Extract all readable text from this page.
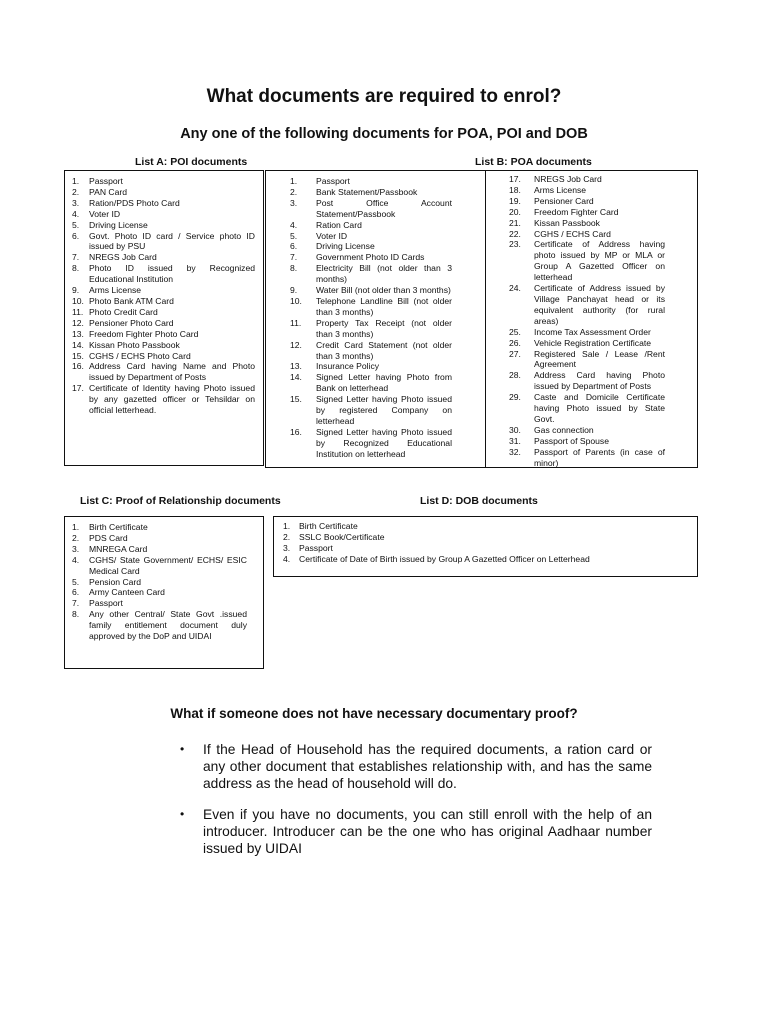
What documents are required to enrol?
Any one of the following documents for POA, POI and DOB
List A: POI documents
1.	Passport
2.	PAN Card
3.	Ration/PDS Photo Card
4.	Voter ID
5.	Driving License
6.	Govt. Photo ID card / Service photo ID issued by PSU
7.	NREGS Job Card
8.	Photo ID issued by Recognized Educational Institution
9.	Arms License
10. Photo Bank ATM Card
11. Photo Credit Card
12. Pensioner Photo Card
13. Freedom Fighter Photo Card
14. Kissan Photo Passbook
15. CGHS / ECHS Photo Card
16. Address Card having Name and Photo issued by Department of Posts
17. Certificate of Identity having Photo issued by any gazetted officer or Tehsildar on official letterhead.
List B: POA documents
1.	Passport
2.	Bank Statement/Passbook
3.	Post Office Account Statement/Passbook
4.	Ration Card
5.	Voter ID
6.	Driving License
7.	Government Photo ID Cards
8.	Electricity Bill (not older than 3 months)
9.	Water Bill (not older than 3 months)
10.	Telephone Landline Bill (not older than 3 months)
11.	Property Tax Receipt (not older than 3 months)
12.	Credit Card Statement (not older than 3 months)
13.	Insurance Policy
14.	Signed Letter having Photo from Bank on letterhead
15.	Signed Letter having Photo issued by registered Company on letterhead
16.	Signed Letter having Photo issued by Recognized Educational Institution on letterhead
17.	NREGS Job Card
18.	Arms License
19.	Pensioner Card
20.	Freedom Fighter Card
21.	Kissan Passbook
22.	CGHS / ECHS Card
23.	Certificate of Address having photo issued by MP or MLA or Group A Gazetted Officer on letterhead
24.	Certificate of Address issued by Village Panchayat head or its equivalent authority (for rural areas)
25.	Income Tax Assessment Order
26.	Vehicle Registration Certificate
27.	Registered Sale / Lease /Rent Agreement
28.	Address Card having Photo issued by Department of Posts
29.	Caste and Domicile Certificate having Photo issued by State Govt.
30.	Gas connection
31.	Passport of Spouse
32.	Passport of Parents (in case of minor)
List C: Proof of Relationship documents
1.	Birth Certificate
2.	PDS Card
3.	MNREGA Card
4.	CGHS/ State Government/ ECHS/ ESIC Medical Card
5.	Pension Card
6.	Army Canteen Card
7.	Passport
8.	Any other Central/ State Govt .issued family entitlement document duly approved by the DoP and UIDAI
List D: DOB documents
1.	Birth Certificate
2.	SSLC Book/Certificate
3.	Passport
4.	Certificate of Date of Birth issued by Group A Gazetted Officer on Letterhead
What if someone does not have necessary documentary proof?
•	If the Head of Household has the required documents, a ration card or any other document that establishes relationship with, and has the same address as the head of household will do.
•	Even if you have no documents, you can still enroll with the help of an introducer. Introducer can be the one who has original Aadhaar number issued by UIDAI
